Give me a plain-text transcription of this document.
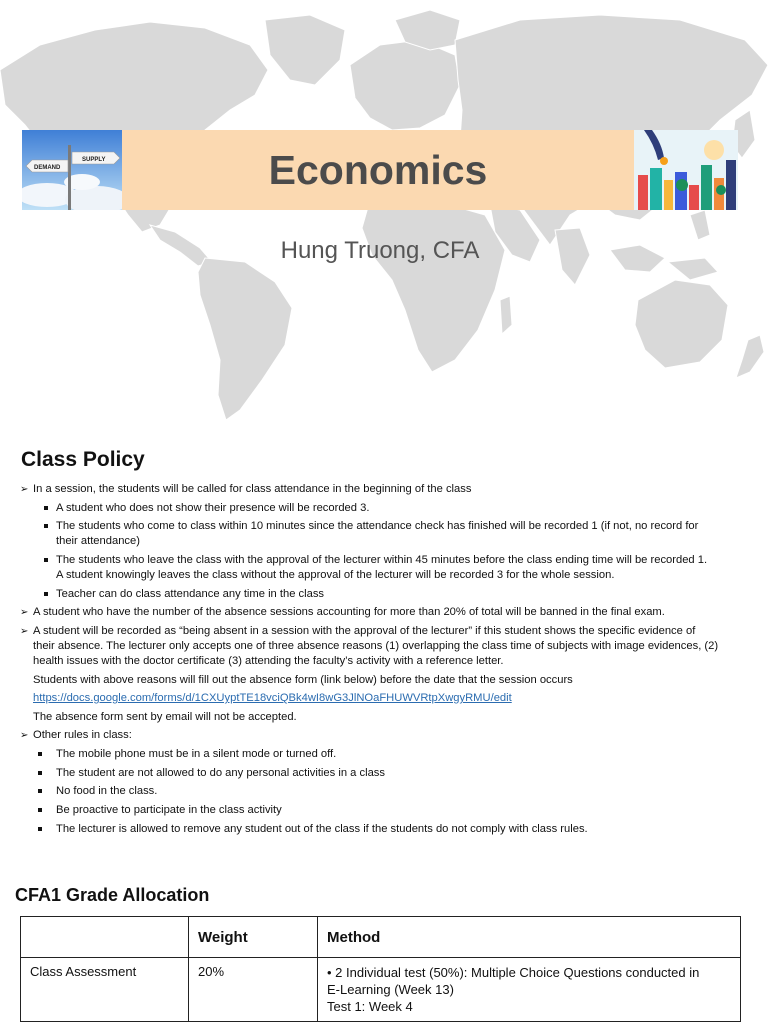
SUPPLY
DEMAND	Economics
Hung Truong, CFA
Class Policy
➢ In a session, the students will be called for class attendance in the beginning of the class
A student who does not show their presence will be recorded 3.
The students who come to class within 10 minutes since the attendance check has finished will be recorded 1 (if not, no record for
their attendance)
The students who leave the class with the approval of the lecturer within 45 minutes before the class ending time will be recorded 1.
A student knowingly leaves the class without the approval of the lecturer will be recorded 3 for the whole session.
Teacher can do class attendance any time in the class
➢ A student who have the number of the absence sessions accounting for more than 20% of total will be banned in the final exam.
➢ A student will be recorded as “being absent in a session with the approval of the lecturer” if this student shows the specific evidence of
their absence. The lecturer only accepts one of three absence reasons (1) overlapping the class time of subjects with image evidences, (2)
health issues with the doctor certificate (3) attending the faculty’s activity with a reference letter.
Students with above reasons will fill out the absence form (link below) before the date that the session occurs
https://docs.google.com/forms/d/1CXUyptTE18vciQBk4wI8wG3JlNOaFHUWVRtpXwgyRMU/edit
The absence form sent by email will not be accepted.
➢ Other rules in class:
The mobile phone must be in a silent mode or turned off.
The student are not allowed to do any personal activities in a class
No food in the class.
Be proactive to participate in the class activity
The lecturer is allowed to remove any student out of the class if the students do not comply with class rules.
CFA1 Grade Allocation
	Weight	Method
Class Assessment	20%	• 2 Individual test (50%): Multiple Choice Questions conducted in
E-Learning (Week 13)
Test 1: Week 4
